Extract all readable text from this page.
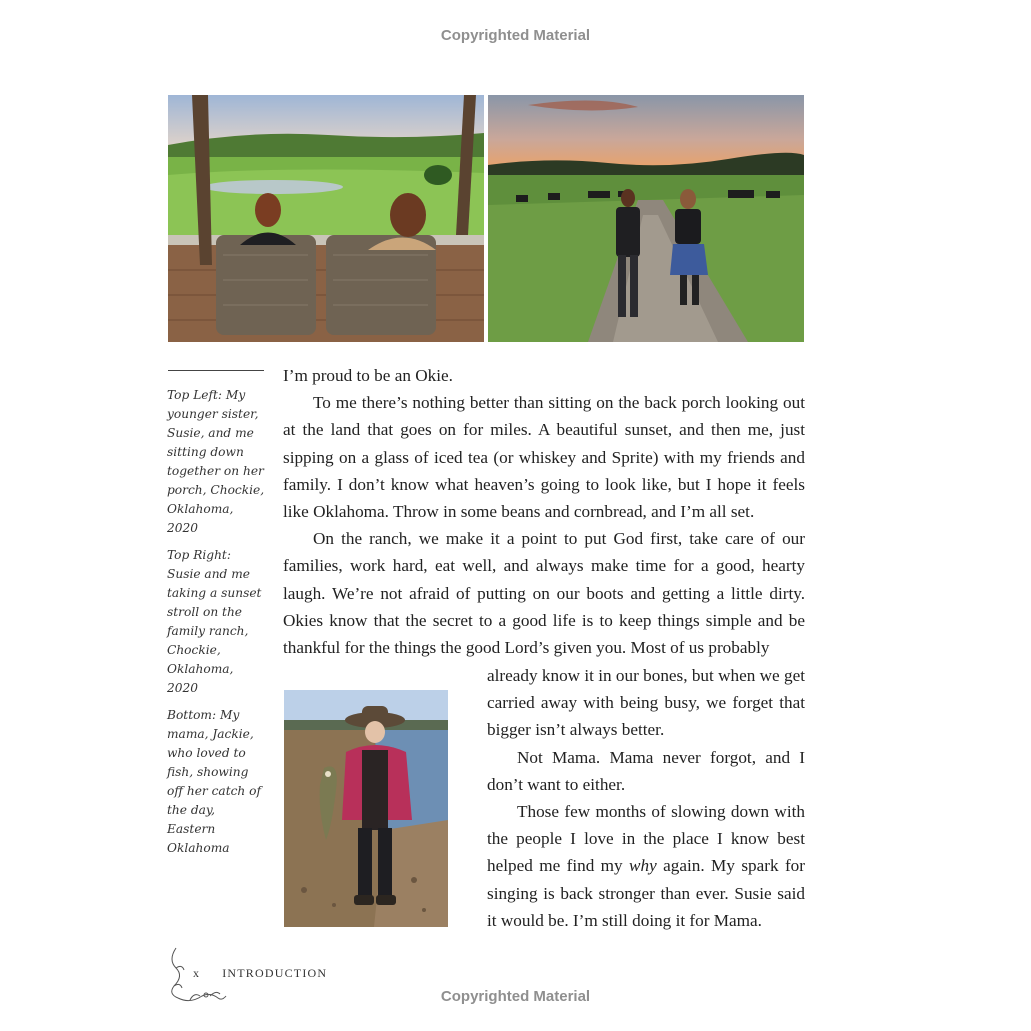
Copyrighted Material

Top Left: My younger sister, Susie, and me sitting down together on her porch, Chockie, Oklahoma, 2020

Top Right: Susie and me taking a sunset stroll on the family ranch, Chockie, Oklahoma, 2020

Bottom: My mama, Jackie, who loved to fish, showing off her catch of the day, Eastern Oklahoma

I’m proud to be an Okie.

To me there’s nothing better than sitting on the back porch looking out at the land that goes on for miles. A beautiful sunset, and then me, just sipping on a glass of iced tea (or whiskey and Sprite) with my friends and family. I don’t know what heaven’s going to look like, but I hope it feels like Oklahoma. Throw in some beans and cornbread, and I’m all set.

On the ranch, we make it a point to put God first, take care of our families, work hard, eat well, and always make time for a good, hearty laugh. We’re not afraid of putting on our boots and getting a little dirty. Okies know that the secret to a good life is to keep things simple and be thankful for the things the good Lord’s given you. Most of us probably

already know it in our bones, but when we get carried away with being busy, we forget that bigger isn’t always better.

Not Mama. Mama never forgot, and I don’t want to either.

Those few months of slowing down with the people I love in the place I know best helped me find my why again. My spark for singing is back stronger than ever. Susie said it would be. I’m still doing it for Mama.

x INTRODUCTION
Copyrighted Material
